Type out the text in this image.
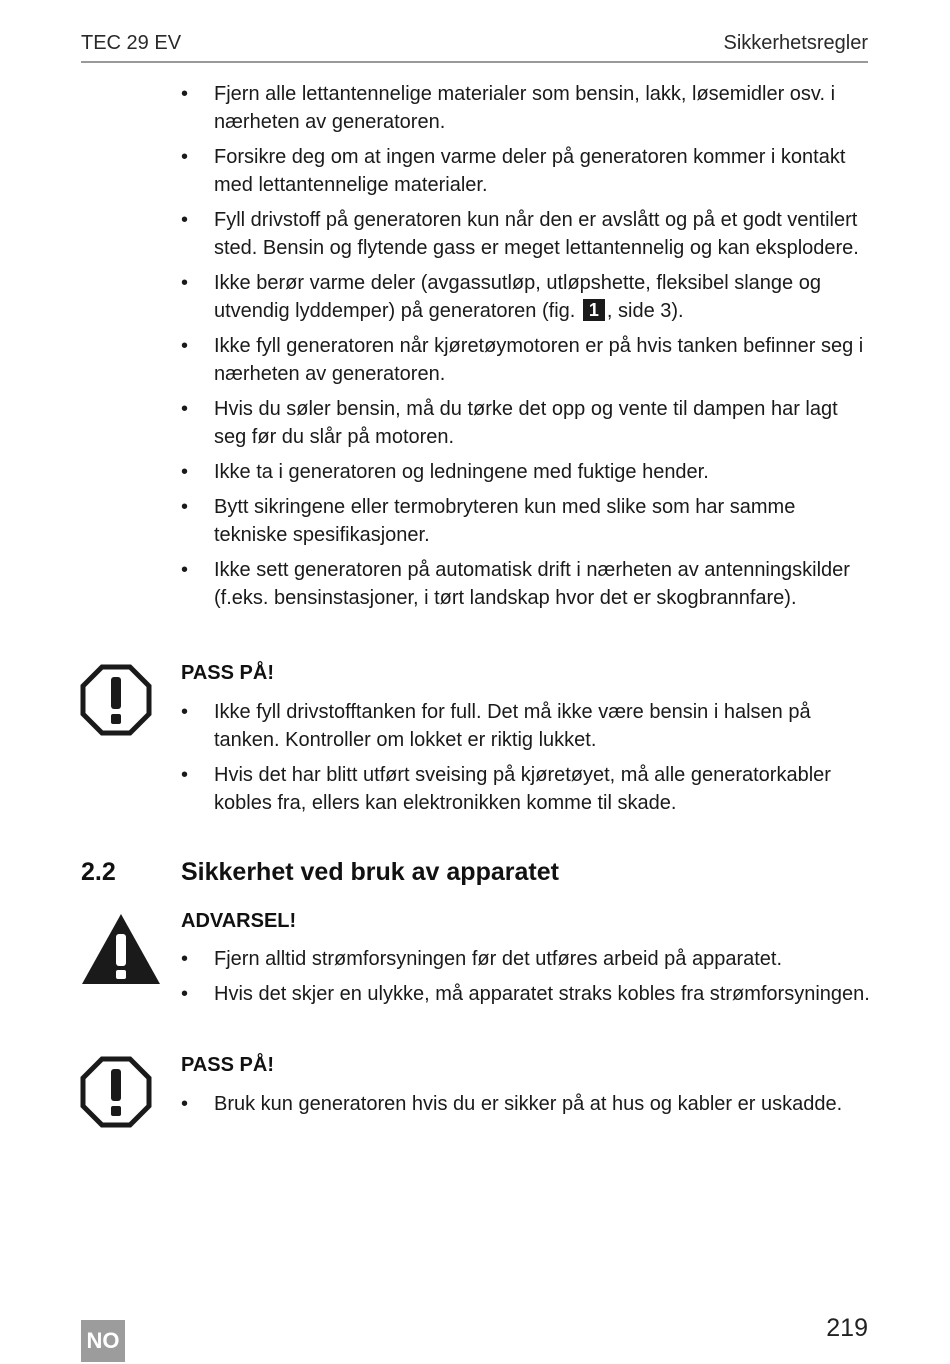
TEC 29 EV	Sikkerhetsregler
• Fjern alle lettantennelige materialer som bensin, lakk, løsemidler osv. i nærheten av generatoren.
• Forsikre deg om at ingen varme deler på generatoren kommer i kontakt med lettantennelige materialer.
• Fyll drivstoff på generatoren kun når den er avslått og på et godt ventilert sted. Bensin og flytende gass er meget lettantennelig og kan eksplodere.
• Ikke berør varme deler (avgassutløp, utløpshette, fleksibel slange og utvendig lyddemper) på generatoren (fig. 1 , side 3).
• Ikke fyll generatoren når kjøretøymotoren er på hvis tanken befinner seg i nærheten av generatoren.
• Hvis du søler bensin, må du tørke det opp og vente til dampen har lagt seg før du slår på motoren.
• Ikke ta i generatoren og ledningene med fuktige hender.
• Bytt sikringene eller termobryteren kun med slike som har samme tekniske spesifikasjoner.
• Ikke sett generatoren på automatisk drift i nærheten av antenningskilder (f.eks. bensinstasjoner, i tørt landskap hvor det er skogbrannfare).
PASS PÅ!
• Ikke fyll drivstofftanken for full. Det må ikke være bensin i halsen på tanken. Kontroller om lokket er riktig lukket.
• Hvis det har blitt utført sveising på kjøretøyet, må alle generatorkabler kobles fra, ellers kan elektronikken komme til skade.
2.2	Sikkerhet ved bruk av apparatet
ADVARSEL!
• Fjern alltid strømforsyningen før det utføres arbeid på apparatet.
• Hvis det skjer en ulykke, må apparatet straks kobles fra strømforsyningen.
PASS PÅ!
• Bruk kun generatoren hvis du er sikker på at hus og kabler er uskadde.
219
NO
